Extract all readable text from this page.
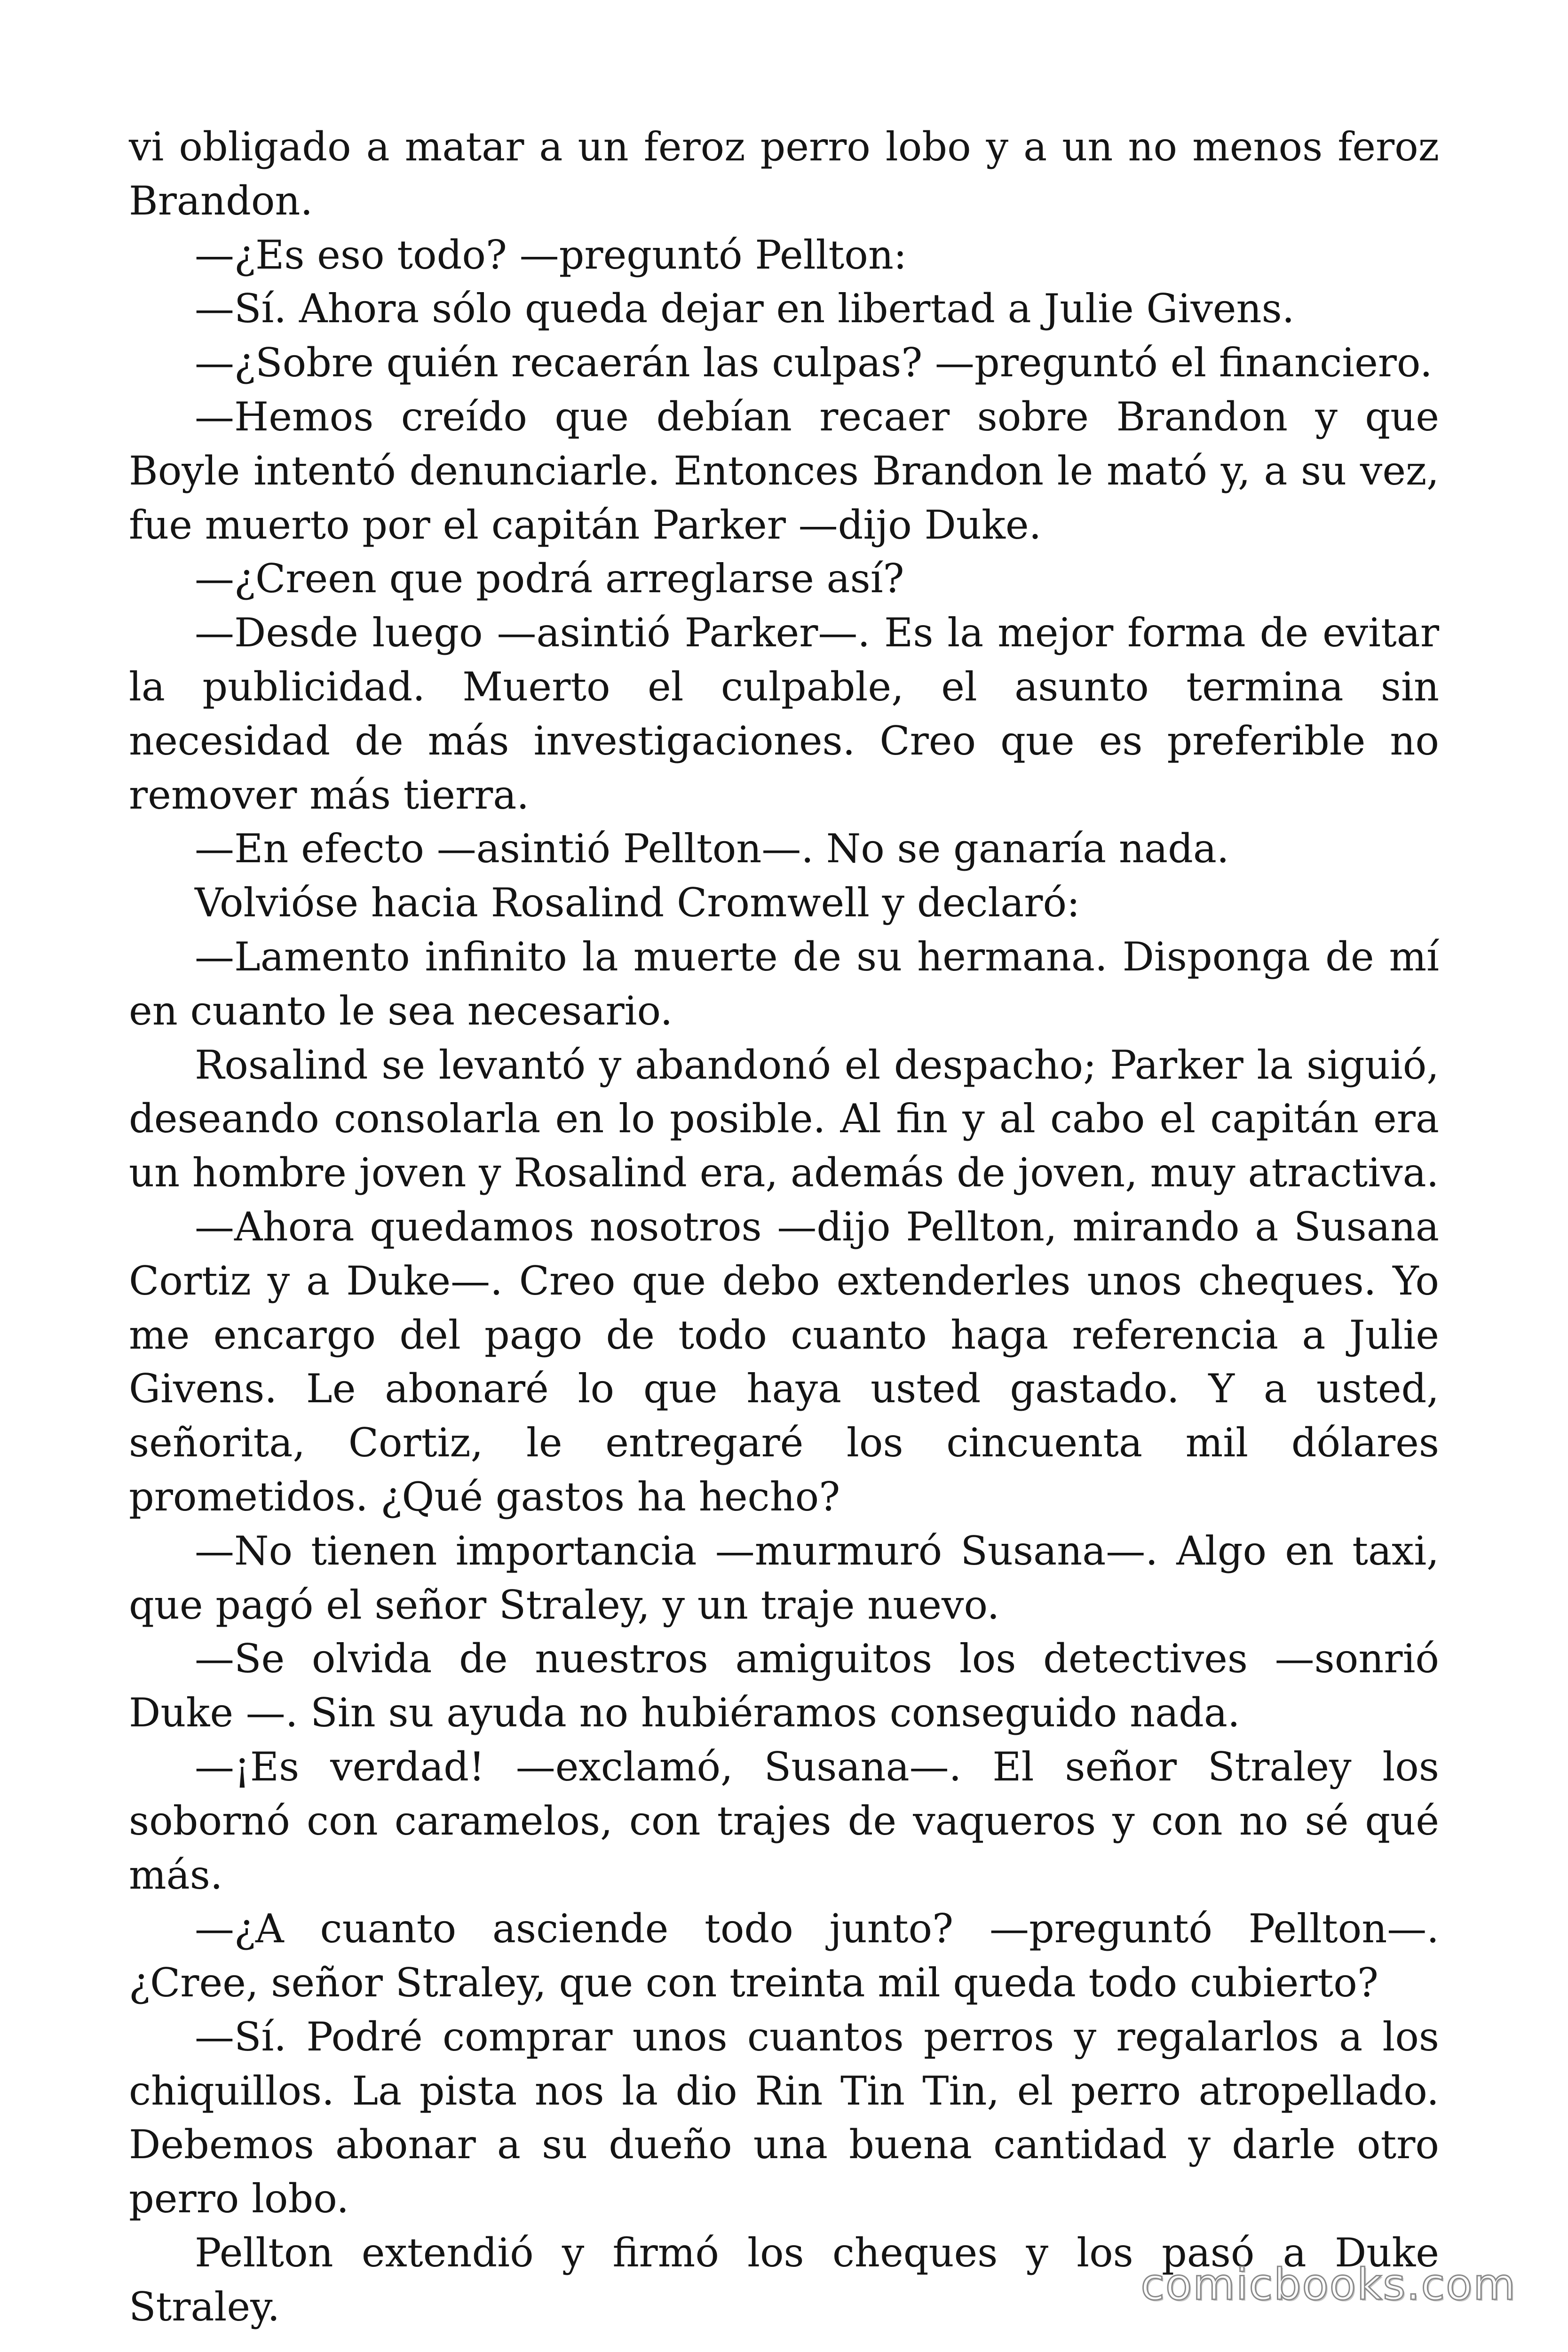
vi obligado a matar a un feroz perro lobo y a un no menos feroz Brandon.

—¿Es eso todo? —preguntó Pellton:

—Sí. Ahora sólo queda dejar en libertad a Julie Givens.

—¿Sobre quién recaerán las culpas? —preguntó el financiero.

—Hemos creído que debían recaer sobre Brandon y que Boyle intentó denunciarle. Entonces Brandon le mató y, a su vez, fue muerto por el capitán Parker —dijo Duke.

—¿Creen que podrá arreglarse así?

—Desde luego —asintió Parker—. Es la mejor forma de evitar la publicidad. Muerto el culpable, el asunto termina sin necesidad de más investigaciones. Creo que es preferible no remover más tierra.

—En efecto —asintió Pellton—. No se ganaría nada.

Volvióse hacia Rosalind Cromwell y declaró:

—Lamento infinito la muerte de su hermana. Disponga de mí en cuanto le sea necesario.

Rosalind se levantó y abandonó el despacho; Parker la siguió, deseando consolarla en lo posible. Al fin y al cabo el capitán era un hombre joven y Rosalind era, además de joven, muy atractiva.

—Ahora quedamos nosotros —dijo Pellton, mirando a Susana Cortiz y a Duke—. Creo que debo extenderles unos cheques. Yo me encargo del pago de todo cuanto haga referencia a Julie Givens. Le abonaré lo que haya usted gastado. Y a usted, señorita, Cortiz, le entregaré los cincuenta mil dólares prometidos. ¿Qué gastos ha hecho?

—No tienen importancia —murmuró Susana—. Algo en taxi, que pagó el señor Straley, y un traje nuevo.

—Se olvida de nuestros amiguitos los detectives —sonrió Duke —. Sin su ayuda no hubiéramos conseguido nada.

—¡Es verdad! —exclamó, Susana—. El señor Straley los sobornó con caramelos, con trajes de vaqueros y con no sé qué más.

—¿A cuanto asciende todo junto? —preguntó Pellton—. ¿Cree, señor Straley, que con treinta mil queda todo cubierto?

—Sí. Podré comprar unos cuantos perros y regalarlos a los chiquillos. La pista nos la dio Rin Tin Tin, el perro atropellado. Debemos abonar a su dueño una buena cantidad y darle otro perro lobo.

Pellton extendió y firmó los cheques y los pasó a Duke Straley.	comicbooks.com
